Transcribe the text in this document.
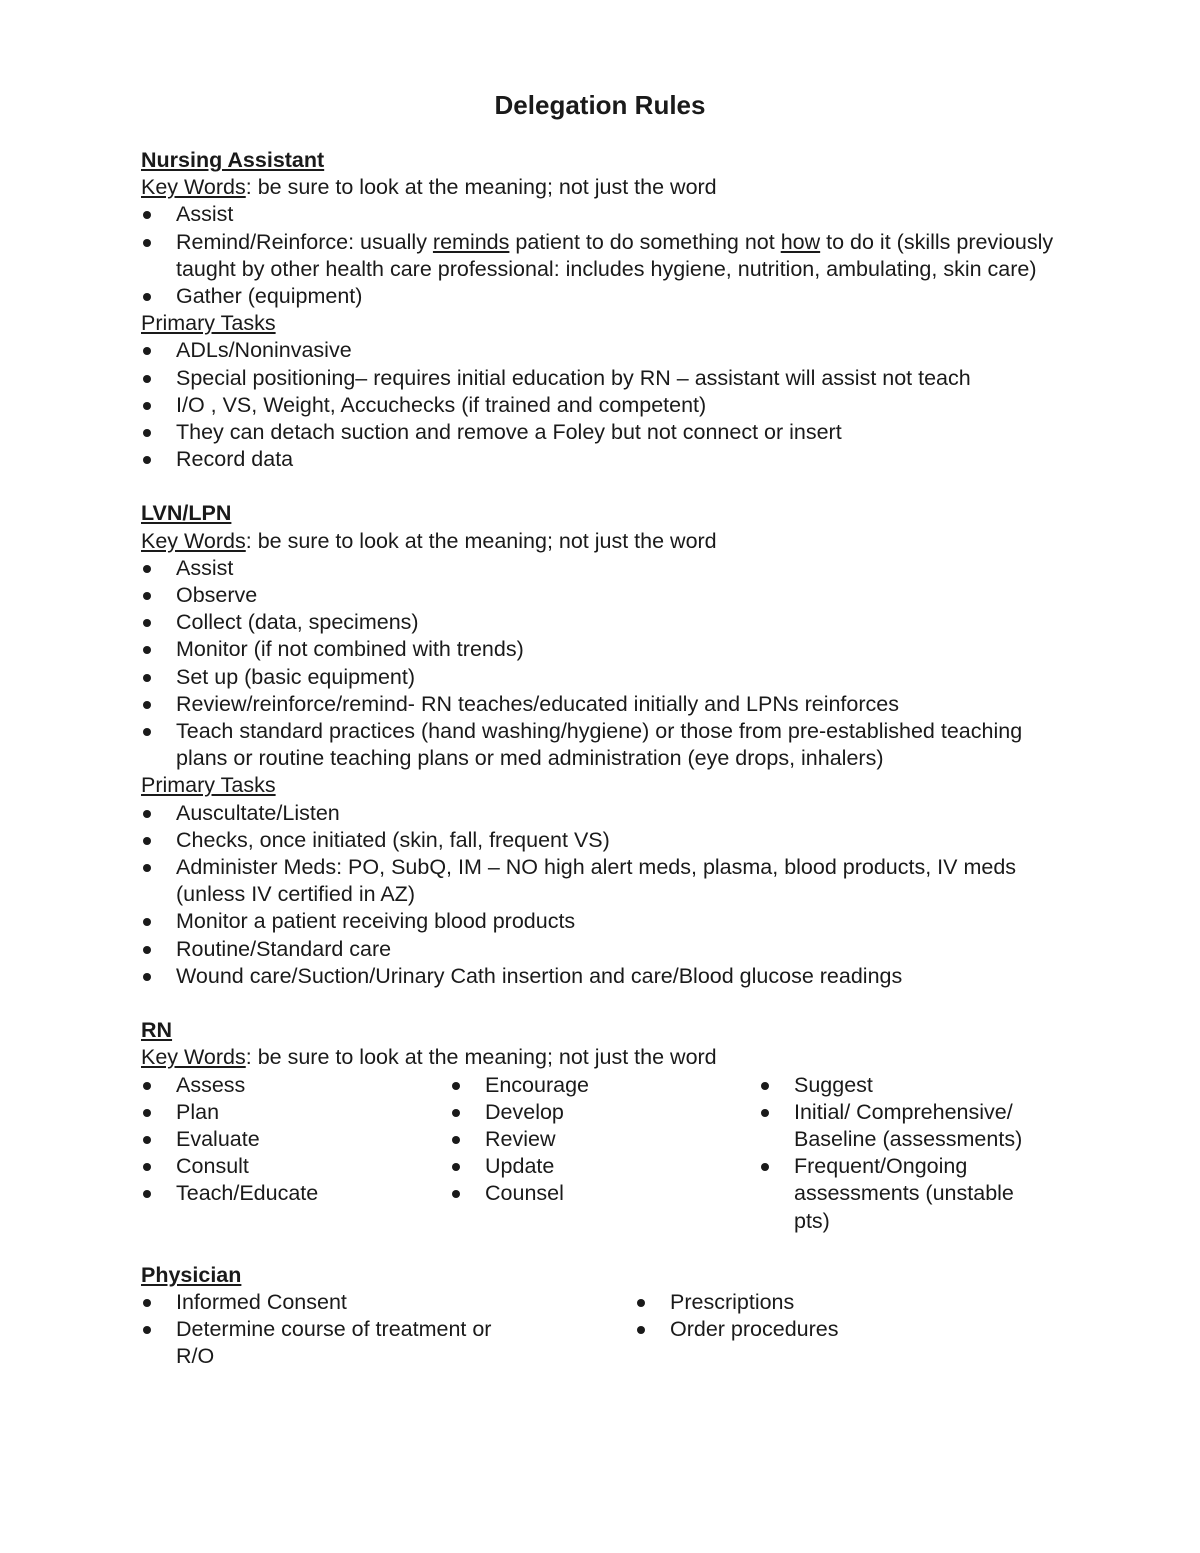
Delegation Rules
Nursing Assistant
Key Words: be sure to look at the meaning; not just the word
Assist
Remind/Reinforce: usually reminds patient to do something not how to do it (skills previously taught by other health care professional: includes hygiene, nutrition, ambulating, skin care)
Gather (equipment)
Primary Tasks
ADLs/Noninvasive
Special positioning– requires initial education by RN – assistant will assist not teach
I/O , VS, Weight, Accuchecks (if trained and competent)
They can detach suction and remove a Foley but not connect or insert
Record data
LVN/LPN
Key Words: be sure to look at the meaning; not just the word
Assist
Observe
Collect (data, specimens)
Monitor (if not combined with trends)
Set up (basic equipment)
Review/reinforce/remind- RN teaches/educated initially and LPNs reinforces
Teach standard practices (hand washing/hygiene) or those from pre-established teaching plans or routine teaching plans or med administration (eye drops, inhalers)
Primary Tasks
Auscultate/Listen
Checks, once initiated (skin, fall, frequent VS)
Administer Meds: PO, SubQ, IM – NO high alert meds, plasma, blood products, IV meds (unless IV certified in AZ)
Monitor a patient receiving blood products
Routine/Standard care
Wound care/Suction/Urinary Cath insertion and care/Blood glucose readings
RN
Key Words: be sure to look at the meaning; not just the word
Assess
Plan
Evaluate
Consult
Teach/Educate
Encourage
Develop
Review
Update
Counsel
Suggest
Initial/ Comprehensive/ Baseline (assessments)
Frequent/Ongoing assessments (unstable pts)
Physician
Informed Consent
Determine course of treatment or R/O
Prescriptions
Order procedures
